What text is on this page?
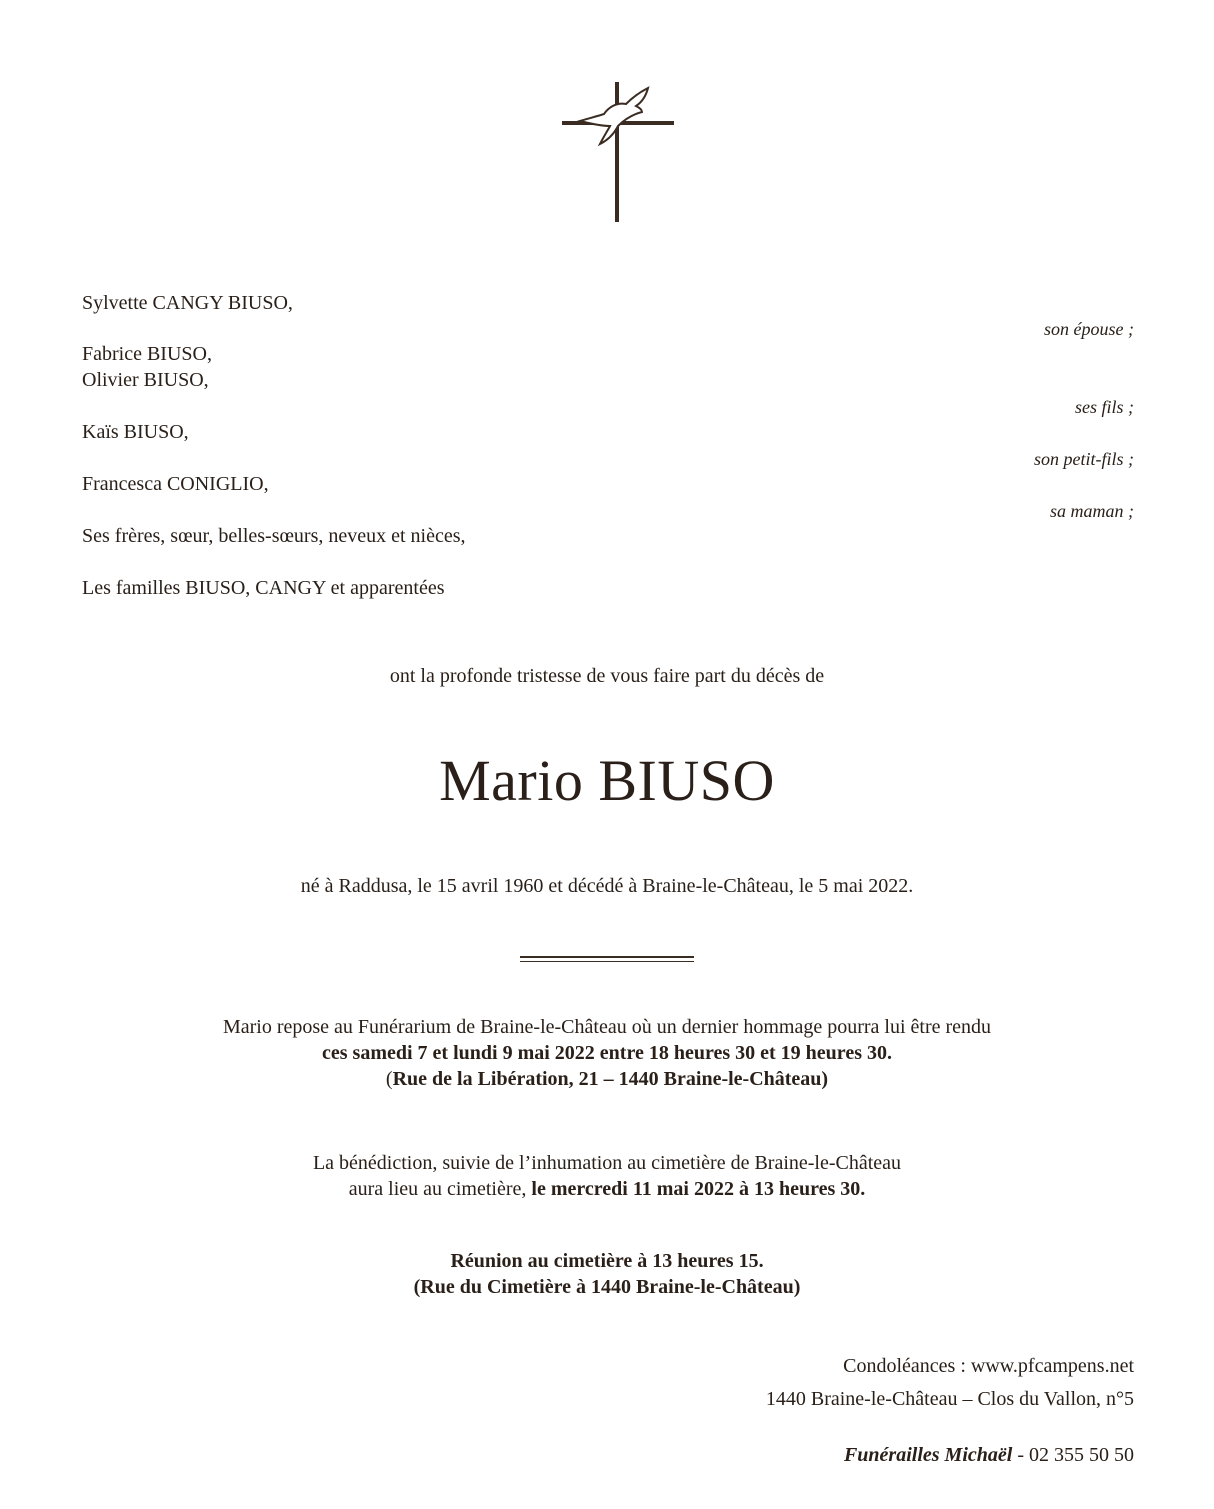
Sylvette CANGY BIUSO,
son épouse ;
Fabrice BIUSO,
Olivier BIUSO,
ses fils ;
Kaïs BIUSO,
son petit-fils ;
Francesca CONIGLIO,
sa maman ;
Ses frères, sœur, belles-sœurs, neveux et nièces,
Les familles BIUSO, CANGY et apparentées
ont la profonde tristesse de vous faire part du décès de
Mario BIUSO
né à Raddusa, le 15 avril 1960 et décédé à Braine-le-Château, le 5 mai 2022.
Mario repose au Funérarium de Braine-le-Château où un dernier hommage pourra lui être rendu
ces samedi 7 et lundi 9 mai 2022 entre 18 heures 30 et 19 heures 30.
(Rue de la Libération, 21 – 1440 Braine-le-Château)
La bénédiction, suivie de l’inhumation au cimetière de Braine-le-Château
aura lieu au cimetière, le mercredi 11 mai 2022 à 13 heures 30.
Réunion au cimetière à 13 heures 15.
(Rue du Cimetière à 1440 Braine-le-Château)
Condoléances : www.pfcampens.net
1440 Braine-le-Château – Clos du Vallon, n°5
Funérailles Michaël - 02 355 50 50
